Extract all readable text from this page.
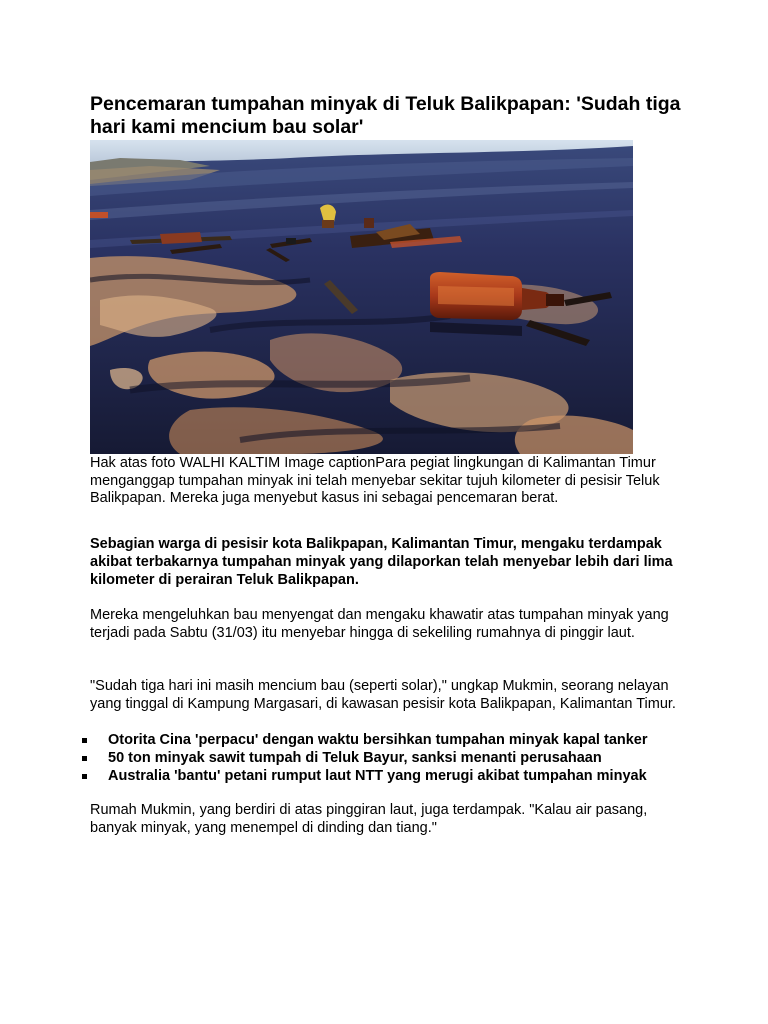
Pencemaran tumpahan minyak di Teluk Balikpapan: 'Sudah tiga hari kami mencium bau solar'

Hak atas foto WALHI KALTIM Image captionPara pegiat lingkungan di Kalimantan Timur menganggap tumpahan minyak ini telah menyebar sekitar tujuh kilometer di pesisir Teluk Balikpapan. Mereka juga menyebut kasus ini sebagai pencemaran berat.

Sebagian warga di pesisir kota Balikpapan, Kalimantan Timur, mengaku terdampak akibat terbakarnya tumpahan minyak yang dilaporkan telah menyebar lebih dari lima kilometer di perairan Teluk Balikpapan.

Mereka mengeluhkan bau menyengat dan mengaku khawatir atas tumpahan minyak yang terjadi pada Sabtu (31/03) itu menyebar hingga di sekeliling rumahnya di pinggir laut.

"Sudah tiga hari ini masih mencium bau (seperti solar)," ungkap Mukmin, seorang nelayan yang tinggal di Kampung Margasari, di kawasan pesisir kota Balikpapan, Kalimantan Timur.

Otorita Cina 'perpacu' dengan waktu bersihkan tumpahan minyak kapal tanker
50 ton minyak sawit tumpah di Teluk Bayur, sanksi menanti perusahaan
Australia 'bantu' petani rumput laut NTT yang merugi akibat tumpahan minyak

Rumah Mukmin, yang berdiri di atas pinggiran laut, juga terdampak. "Kalau air pasang, banyak minyak, yang menempel di dinding dan tiang."
